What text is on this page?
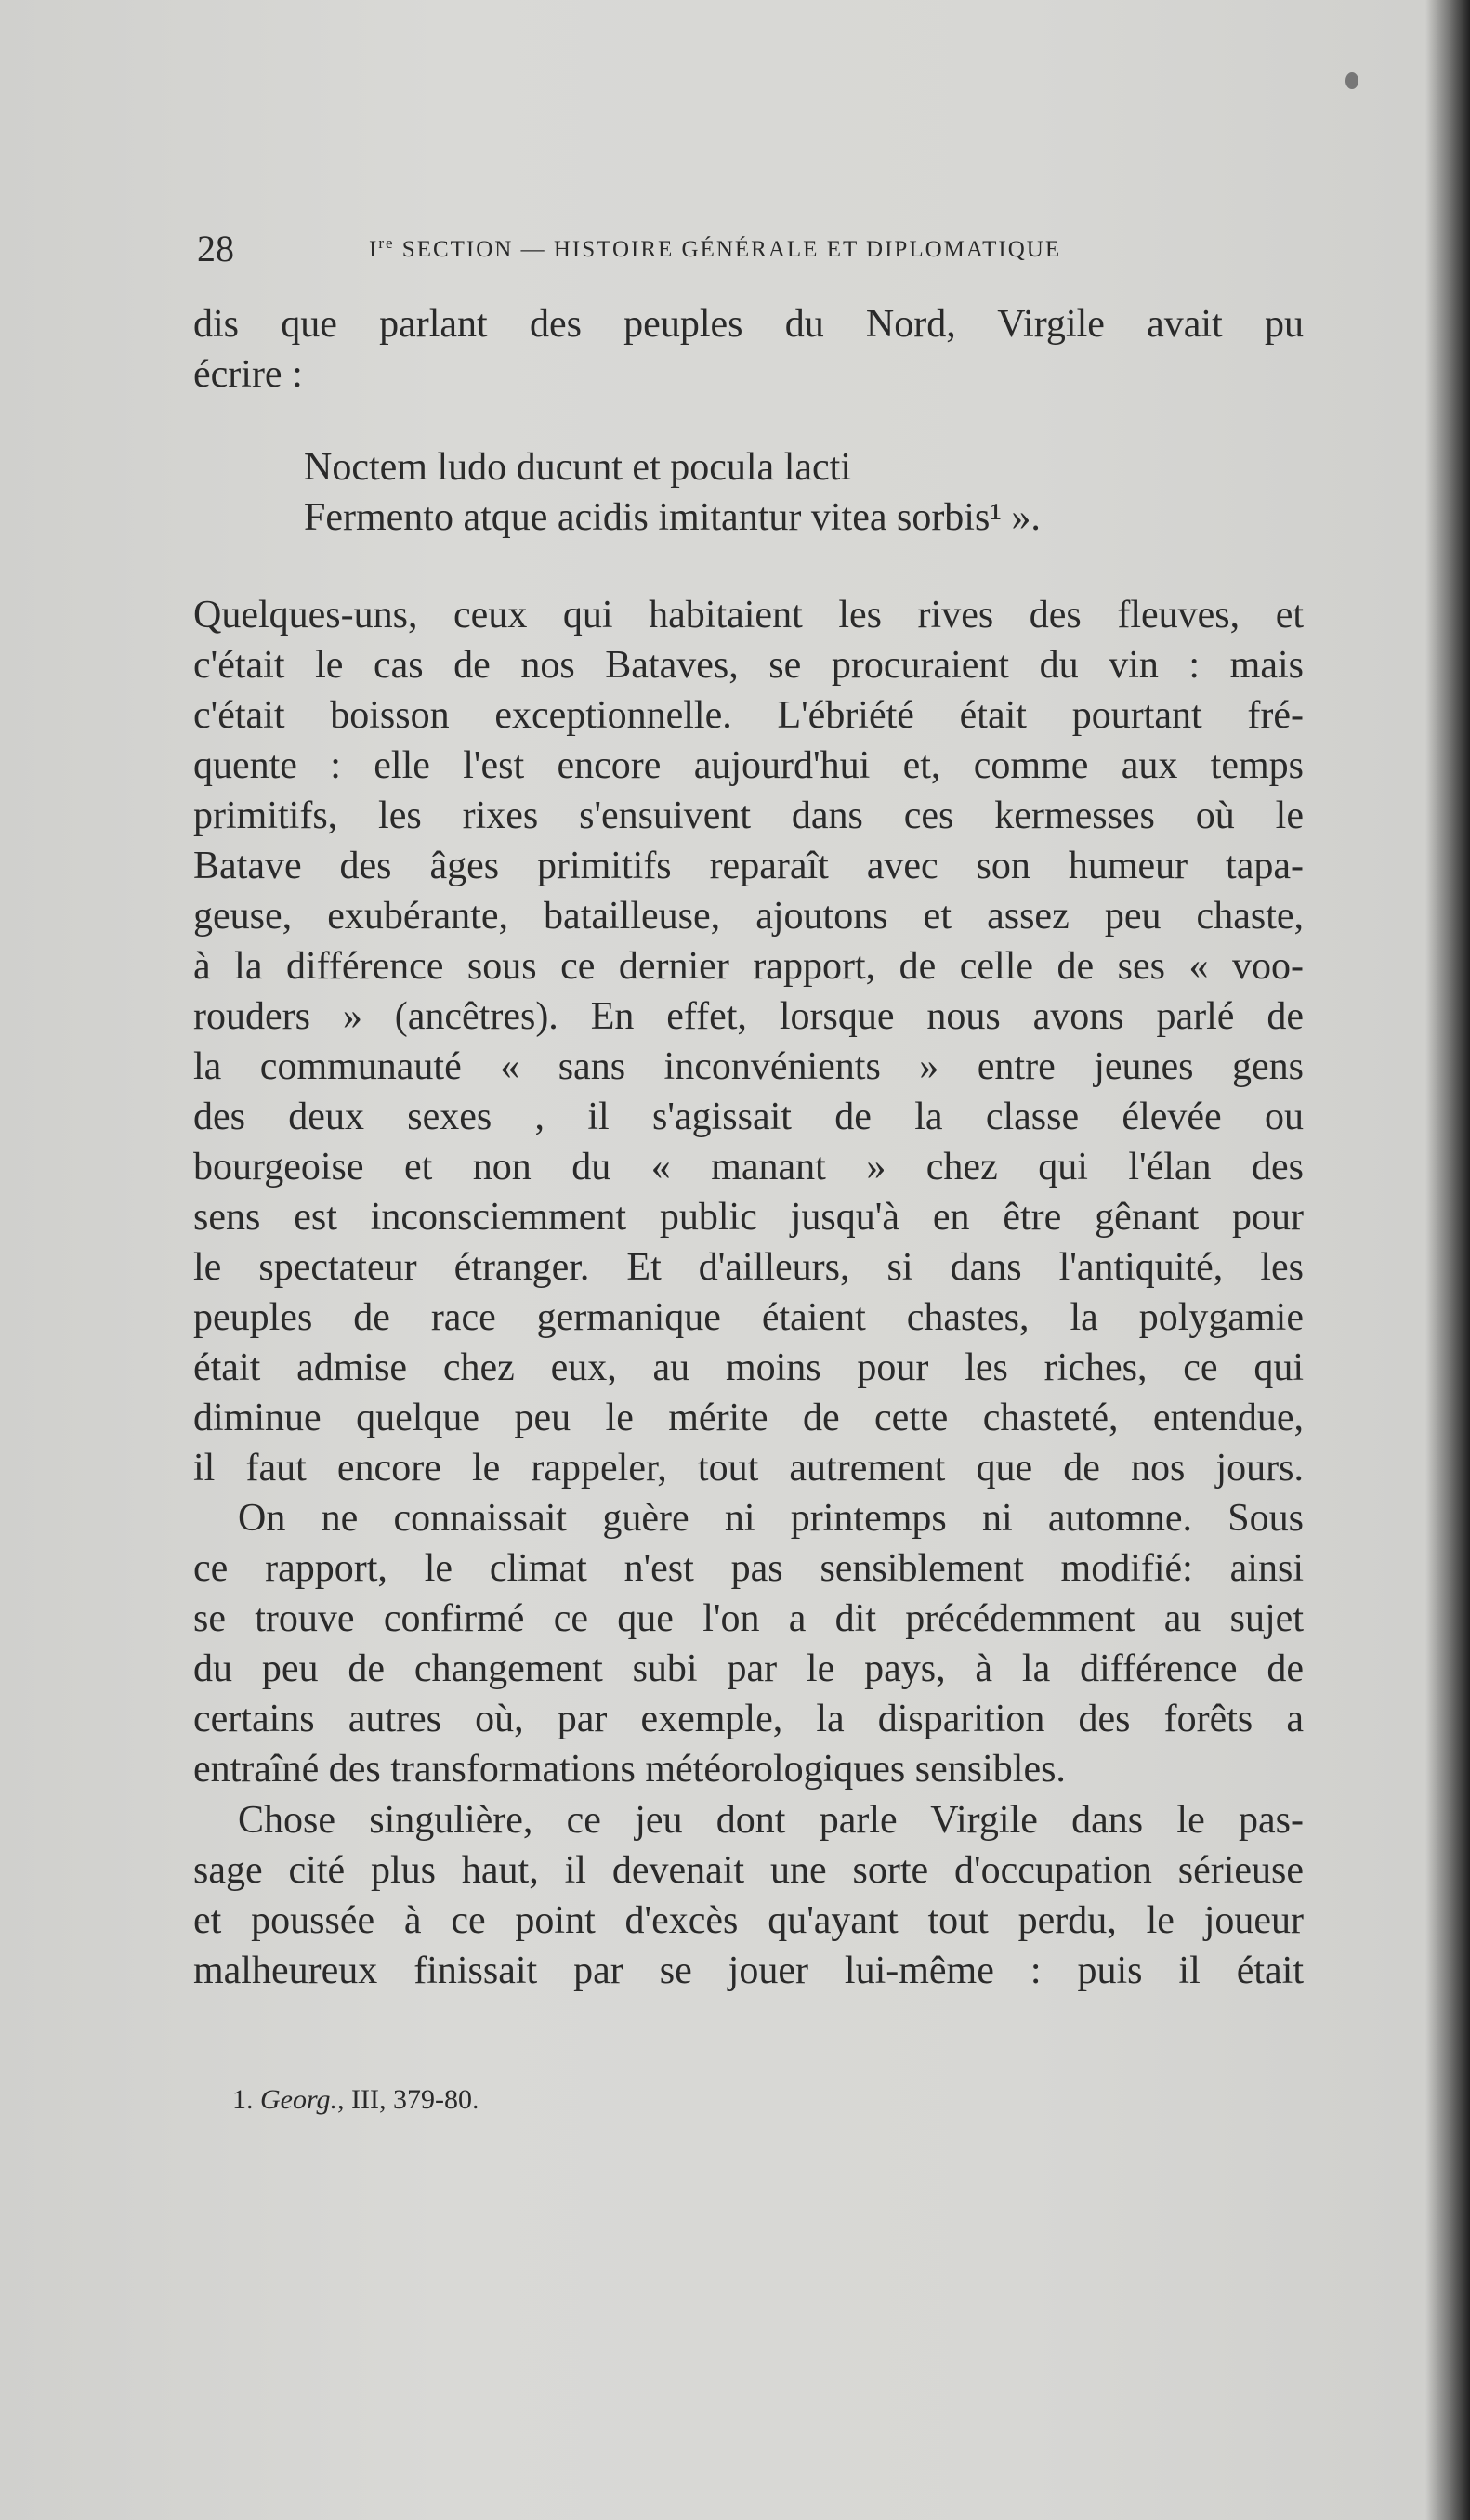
28	Ire SECTION — HISTOIRE GÉNÉRALE ET DIPLOMATIQUE
dis que parlant des peuples du Nord, Virgile avait pu
écrire :
Noctem ludo ducunt et pocula lacti
Fermento atque acidis imitantur vitea sorbis¹ ».
Quelques-uns, ceux qui habitaient les rives des fleuves, et
c'était le cas de nos Bataves, se procuraient du vin : mais
c'était boisson exceptionnelle. L'ébriété était pourtant fré-
quente : elle l'est encore aujourd'hui et, comme aux temps
primitifs, les rixes s'ensuivent dans ces kermesses où le
Batave des âges primitifs reparaît avec son humeur tapa-
geuse, exubérante, batailleuse, ajoutons et assez peu chaste,
à la différence sous ce dernier rapport, de celle de ses « voo-
rouders » (ancêtres). En effet, lorsque nous avons parlé de
la communauté « sans inconvénients » entre jeunes gens
des deux sexes , il s'agissait de la classe élevée ou
bourgeoise et non du « manant » chez qui l'élan des
sens est inconsciemment public jusqu'à en être gênant pour
le spectateur étranger. Et d'ailleurs, si dans l'antiquité, les
peuples de race germanique étaient chastes, la polygamie
était admise chez eux, au moins pour les riches, ce qui
diminue quelque peu le mérite de cette chasteté, entendue,
il faut encore le rappeler, tout autrement que de nos jours.
On ne connaissait guère ni printemps ni automne. Sous
ce rapport, le climat n'est pas sensiblement modifié: ainsi
se trouve confirmé ce que l'on a dit précédemment au sujet
du peu de changement subi par le pays, à la différence de
certains autres où, par exemple, la disparition des forêts a
entraîné des transformations météorologiques sensibles.
Chose singulière, ce jeu dont parle Virgile dans le pas-
sage cité plus haut, il devenait une sorte d'occupation sérieuse
et poussée à ce point d'excès qu'ayant tout perdu, le joueur
malheureux finissait par se jouer lui-même : puis il était
1. Georg., III, 379-80.
